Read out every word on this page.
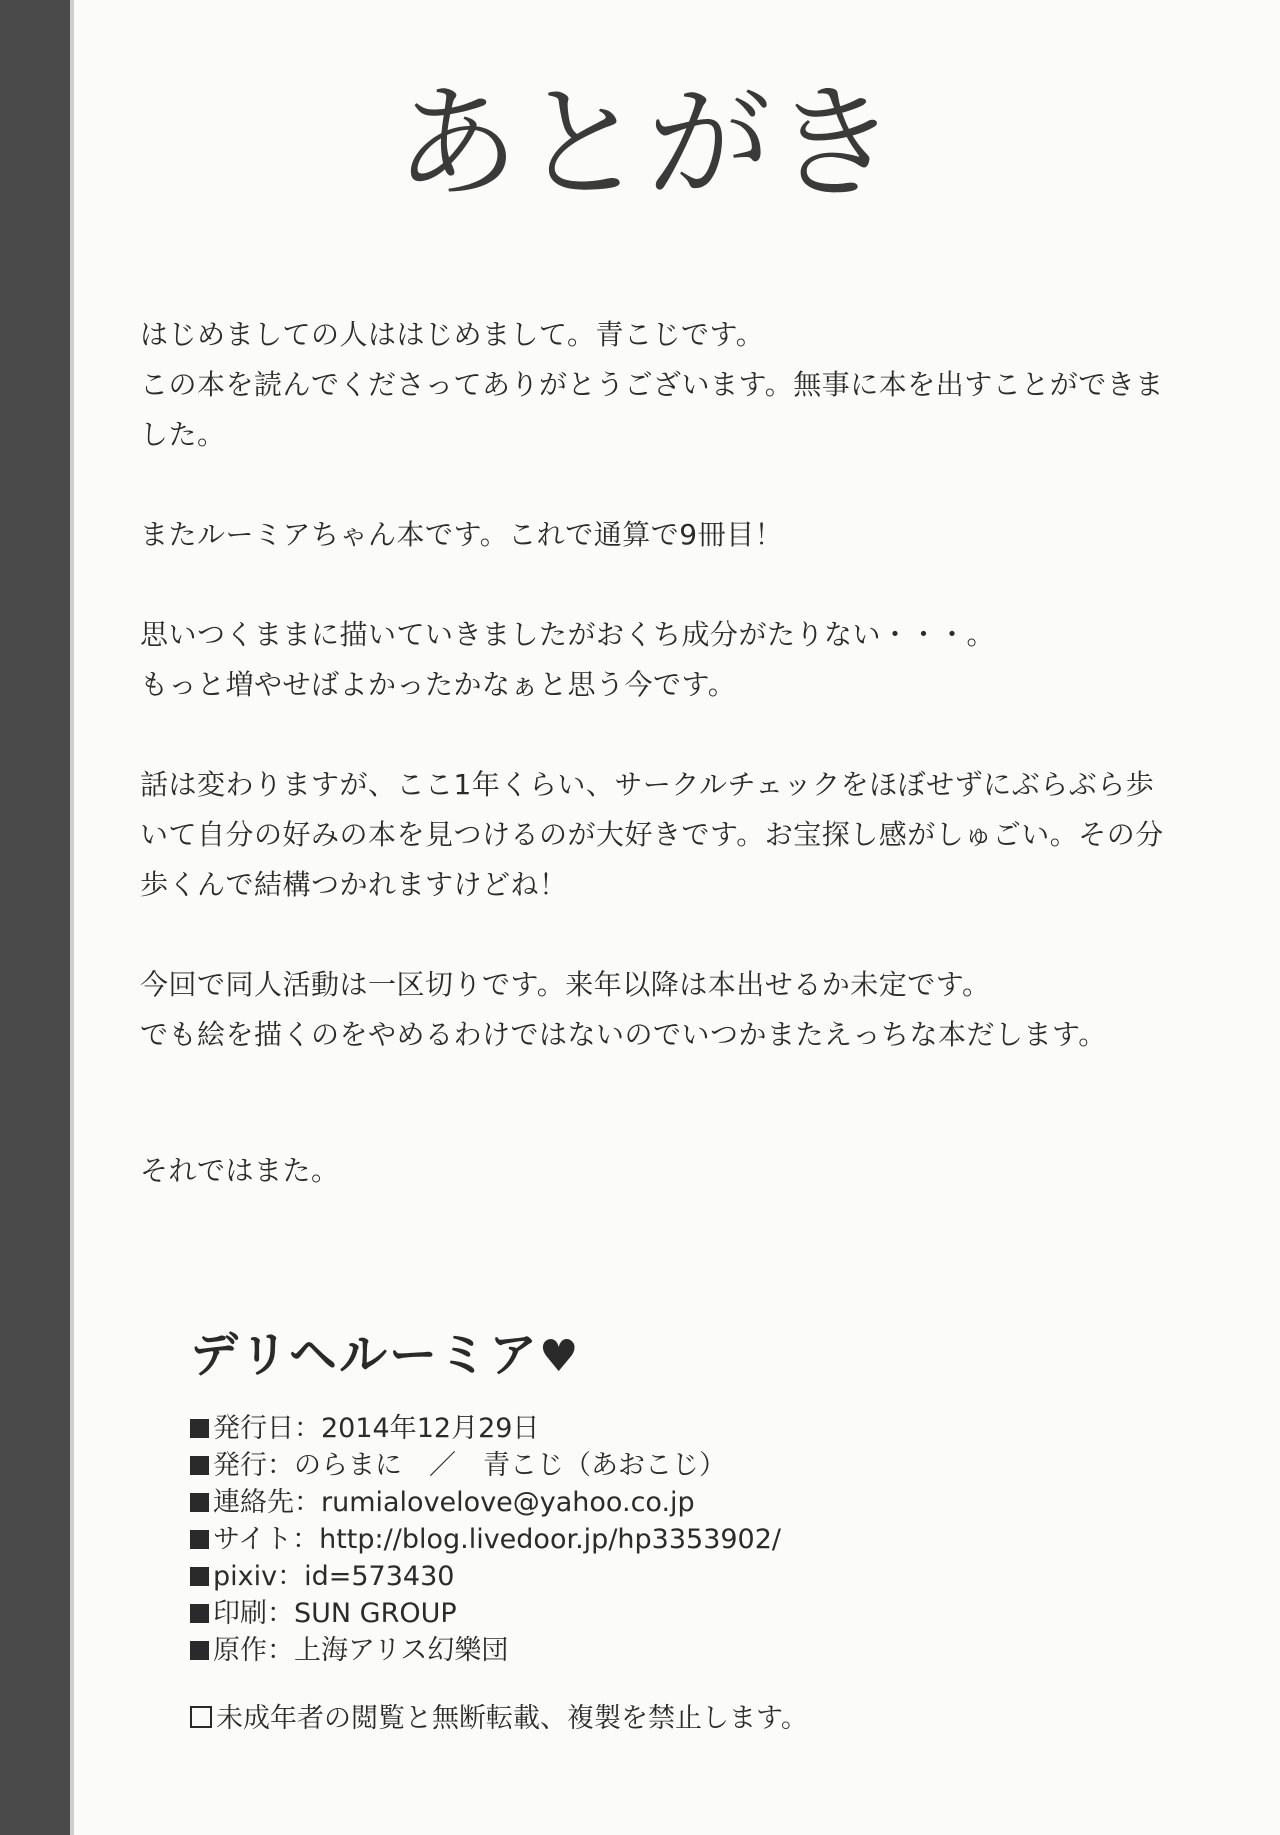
あとがき
はじめましての人ははじめまして。青こじです。
この本を読んでくださってありがとうございます。無事に本を出すことができま
した。
またルーミアちゃん本です。これで通算で9冊目！
思いつくままに描いていきましたがおくち成分がたりない・・・。
もっと増やせばよかったかなぁと思う今です。
話は変わりますが、ここ1年くらい、サークルチェックをほぼせずにぶらぶら歩
いて自分の好みの本を見つけるのが大好きです。お宝探し感がしゅごい。その分
歩くんで結構つかれますけどね！
今回で同人活動は一区切りです。来年以降は本出せるか未定です。
でも絵を描くのをやめるわけではないのでいつかまたえっちな本だします。
それではまた。
デリヘルーミア♥
発行日：2014年12月29日
発行：のらまに　／　青こじ（あおこじ）
連絡先：rumialovelove@yahoo.co.jp
サイト：http://blog.livedoor.jp/hp3353902/
pixiv：id=573430
印刷：SUN GROUP
原作：上海アリス幻樂団
未成年者の閲覧と無断転載、複製を禁止します。
